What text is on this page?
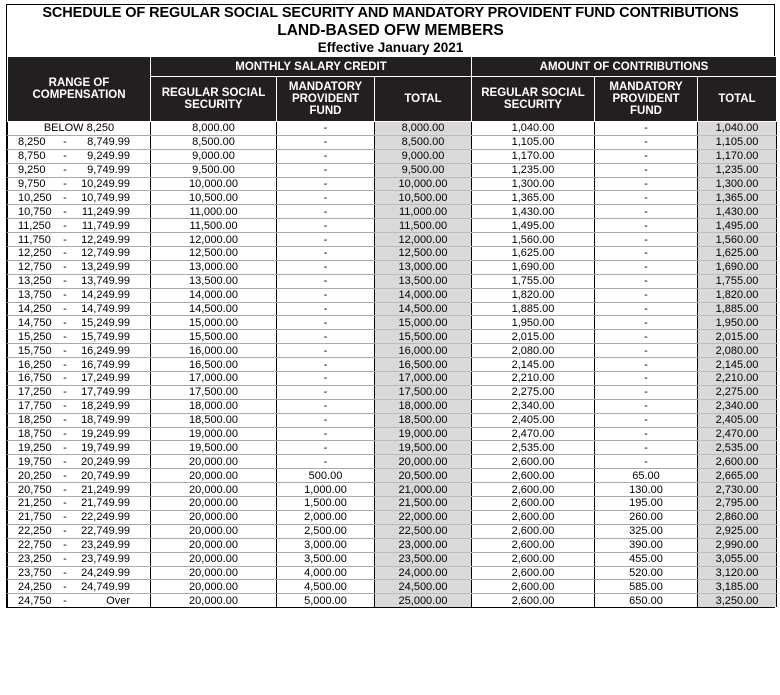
SCHEDULE OF REGULAR SOCIAL SECURITY AND MANDATORY PROVIDENT FUND CONTRIBUTIONS
LAND-BASED OFW MEMBERS
Effective January 2021
RANGE OF COMPENSATION	MONTHLY SALARY CREDIT			AMOUNT OF CONTRIBUTIONS		
	REGULAR SOCIAL SECURITY	MANDATORY PROVIDENT FUND	TOTAL	REGULAR SOCIAL SECURITY	MANDATORY PROVIDENT FUND	TOTAL
BELOW 8,250	8,000.00	-	8,000.00	1,040.00	-	1,040.00
8,250 - 8,749.99	8,500.00	-	8,500.00	1,105.00	-	1,105.00
8,750 - 9,249.99	9,000.00	-	9,000.00	1,170.00	-	1,170.00
9,250 - 9,749.99	9,500.00	-	9,500.00	1,235.00	-	1,235.00
9,750 - 10,249.99	10,000.00	-	10,000.00	1,300.00	-	1,300.00
10,250 - 10,749.99	10,500.00	-	10,500.00	1,365.00	-	1,365.00
10,750 - 11,249.99	11,000.00	-	11,000.00	1,430.00	-	1,430.00
11,250 - 11,749.99	11,500.00	-	11,500.00	1,495.00	-	1,495.00
11,750 - 12,249.99	12,000.00	-	12,000.00	1,560.00	-	1,560.00
12,250 - 12,749.99	12,500.00	-	12,500.00	1,625.00	-	1,625.00
12,750 - 13,249.99	13,000.00	-	13,000.00	1,690.00	-	1,690.00
13,250 - 13,749.99	13,500.00	-	13,500.00	1,755.00	-	1,755.00
13,750 - 14,249.99	14,000.00	-	14,000.00	1,820.00	-	1,820.00
14,250 - 14,749.99	14,500.00	-	14,500.00	1,885.00	-	1,885.00
14,750 - 15,249.99	15,000.00	-	15,000.00	1,950.00	-	1,950.00
15,250 - 15,749.99	15,500.00	-	15,500.00	2,015.00	-	2,015.00
15,750 - 16,249.99	16,000.00	-	16,000.00	2,080.00	-	2,080.00
16,250 - 16,749.99	16,500.00	-	16,500.00	2,145.00	-	2,145.00
16,750 - 17,249.99	17,000.00	-	17,000.00	2,210.00	-	2,210.00
17,250 - 17,749.99	17,500.00	-	17,500.00	2,275.00	-	2,275.00
17,750 - 18,249.99	18,000.00	-	18,000.00	2,340.00	-	2,340.00
18,250 - 18,749.99	18,500.00	-	18,500.00	2,405.00	-	2,405.00
18,750 - 19,249.99	19,000.00	-	19,000.00	2,470.00	-	2,470.00
19,250 - 19,749.99	19,500.00	-	19,500.00	2,535.00	-	2,535.00
19,750 - 20,249.99	20,000.00	-	20,000.00	2,600.00	-	2,600.00
20,250 - 20,749.99	20,000.00	500.00	20,500.00	2,600.00	65.00	2,665.00
20,750 - 21,249.99	20,000.00	1,000.00	21,000.00	2,600.00	130.00	2,730.00
21,250 - 21,749.99	20,000.00	1,500.00	21,500.00	2,600.00	195.00	2,795.00
21,750 - 22,249.99	20,000.00	2,000.00	22,000.00	2,600.00	260.00	2,860.00
22,250 - 22,749.99	20,000.00	2,500.00	22,500.00	2,600.00	325.00	2,925.00
22,750 - 23,249.99	20,000.00	3,000.00	23,000.00	2,600.00	390.00	2,990.00
23,250 - 23,749.99	20,000.00	3,500.00	23,500.00	2,600.00	455.00	3,055.00
23,750 - 24,249.99	20,000.00	4,000.00	24,000.00	2,600.00	520.00	3,120.00
24,250 - 24,749.99	20,000.00	4,500.00	24,500.00	2,600.00	585.00	3,185.00
24,750 - Over	20,000.00	5,000.00	25,000.00	2,600.00	650.00	3,250.00
